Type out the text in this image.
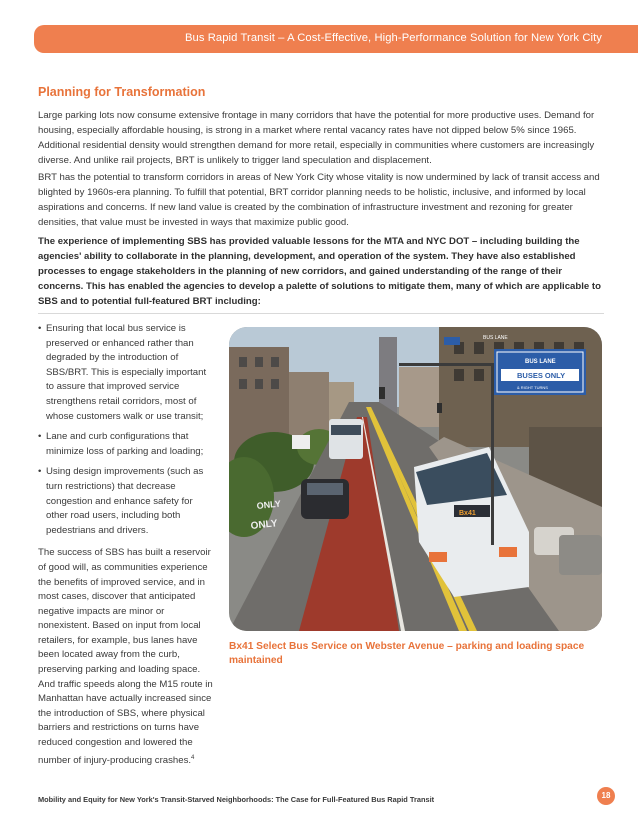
Bus Rapid Transit – A Cost-Effective, High-Performance Solution for New York City
Planning for Transformation

Large parking lots now consume extensive frontage in many corridors that have the potential for more productive uses. Demand for housing, especially affordable housing, is strong in a market where rental vacancy rates have not dipped below 5% since 1965. Additional residential density would strengthen demand for more retail, especially in communities where customers are increasingly diverse. And unlike rail projects, BRT is unlikely to trigger land speculation and displacement.

BRT has the potential to transform corridors in areas of New York City whose vitality is now undermined by lack of transit access and blighted by 1960s-era planning. To fulfill that potential, BRT corridor planning needs to be holistic, inclusive, and informed by local aspirations and concerns. If new land value is created by the combination of infrastructure investment and rezoning for greater densities, that value must be invested in ways that maximize public good.

The experience of implementing SBS has provided valuable lessons for the MTA and NYC DOT – including building the agencies' ability to collaborate in the planning, development, and operation of the system. They have also established processes to engage stakeholders in the planning of new corridors, and gained understanding of the range of their concerns. This has enabled the agencies to develop a palette of solutions to mitigate them, many of which are applicable to SBS and to potential full-featured BRT including:

• Ensuring that local bus service is preserved or enhanced rather than degraded by the introduction of SBS/BRT. This is especially important to assure that improved service strengthens retail corridors, most of whose customers walk or use transit;
• Lane and curb configurations that minimize loss of parking and loading;
• Using design improvements (such as turn restrictions) that decrease congestion and enhance safety for other road users, including both pedestrians and drivers.

The success of SBS has built a reservoir of good will, as communities experience the benefits of improved service, and in most cases, discover that anticipated negative impacts are minor or nonexistent. Based on input from local retailers, for example, bus lanes have been located away from the curb, preserving parking and loading space. And traffic speeds along the M15 route in Manhattan have actually increased since the introduction of SBS, where physical barriers and restrictions on turns have reduced congestion and lowered the number of injury-producing crashes.$^4$

ONLY
ONLY
Bx41
BUS LANE
BUSES ONLY
& RIGHT TURNS
BUS LANE
Bx41 Select Bus Service on Webster Avenue – parking and loading space maintained
Mobility and Equity for New York's Transit-Starved Neighborhoods: The Case for Full-Featured Bus Rapid Transit	18
